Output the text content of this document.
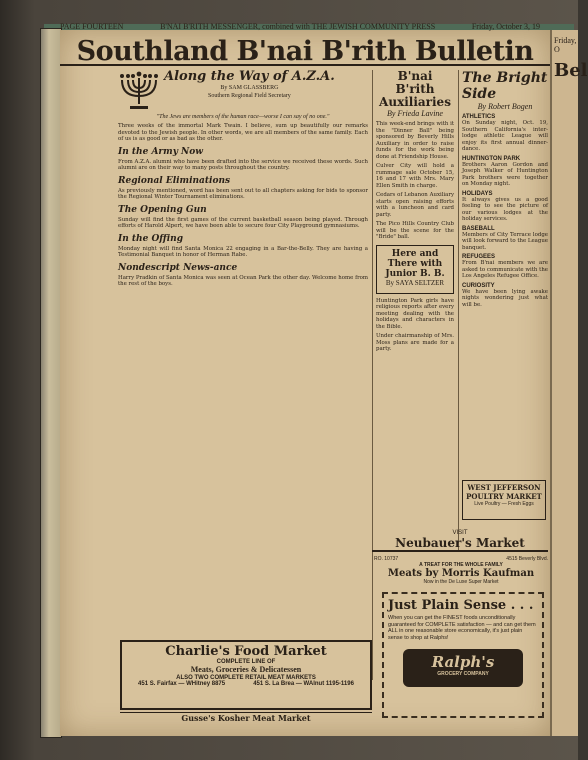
Friday, O
Bel
PAGE FOURTEEN	B'NAI B'RITH MESSENGER, combined with THE JEWISH COMMUNITY PRESS	Friday, October 3, 19
Southland B'nai B'rith Bulletin
Along the Way of A.Z.A.
By SAM GLASSBERG
Southern Regional Field Secretary
"The Jews are members of the human race—worse I can say of no one."

Three weeks of the immortal Mark Twain. I believe, sum up beautifully our remarks devoted to the Jewish people. In other words, we are all members of the same family. Each of us is as good or as bad as the other.

In the Army Now

From A.Z.A. alumni who have been drafted into the service we received these words. Such alumni are on their way to many posts throughout the country.

Regional Eliminations

As previously mentioned, word has been sent out to all chapters asking for bids to sponsor the Regional Winter Tournament eliminations.

The Opening Gun

Sunday will find the first games of the current basketball season being played. Through efforts of Harold Alpert, we have been able to secure four City Playground gymnasiums.

In the Offing

Monday night will find Santa Monica 22 engaging in a Bar-the-Belly. They are having a Testimonial Banquet in honor of Herman Rabe.

Nondescript News-ance

Harry Pradkin of Santa Monica was seen at Ocean Park the other day. Welcome home from the rest of the boys.

Charlie's Food Market
COMPLETE LINE OF
Meats, Groceries & Delicatessen
ALSO TWO COMPLETE RETAIL MEAT MARKETS
451 S. Fairfax — WHitney 8875	451 S. La Brea — WAlnut 1195-1196
Gusse's Kosher Meat Market
B'nai B'rith Auxiliaries
By Frieda Lavine

This week-end brings with it the "Dinner Ball" being sponsored by Beverly Hills Auxiliary in order to raise funds for the work being done at Friendship House.

Culver City will hold a rummage sale October 15, 16 and 17 with Mrs. Mary Ellen Smith in charge.

Cedars of Lebanon Auxiliary starts open raising efforts with a luncheon and card party.

The Pico Hills Country Club will be the scene for the "Bride" ball.

Here and There with Junior B. B.
By SAYA SELTZER

Huntington Park girls have religious reports after every meeting dealing with the holidays and characters in the Bible.

Under chairmanship of Mrs. Moss plans are made for a party.

The Bright Side
By Robert Bogen
ATHLETICS

On Sunday night, Oct. 19, Southern California's inter-lodge athletic League will enjoy its first annual dinner-dance.

HUNTINGTON PARK

Brothers Aaron Gordon and Joseph Walker of Huntington Park brothers were together on Monday night.

HOLIDAYS

It always gives us a good feeling to see the picture of our various lodges at the holiday services.

BASEBALL

Members of City Terrace lodge will look forward to the League banquet.

REFUGEES

From B'nai members we are asked to communicate with the Los Angeles Refugee Office.

CURIOSITY

We have been lying awake nights wondering just what will be.

WEST JEFFERSON POULTRY MARKET
Live Poultry — Fresh Eggs
VISIT
Neubauer's Market
RO. 10737	4515 Beverly Blvd.
A TREAT FOR THE WHOLE FAMILY
Meats by Morris Kaufman
Now in the De Luxe Super Market
Just Plain Sense . . .
When you can get the FINEST foods unconditionally guaranteed for COMPLETE satisfaction — and can get them ALL in one reasonable store economically, it's just plain sense to shop at Ralphs!
Ralph's
GROCERY COMPANY
